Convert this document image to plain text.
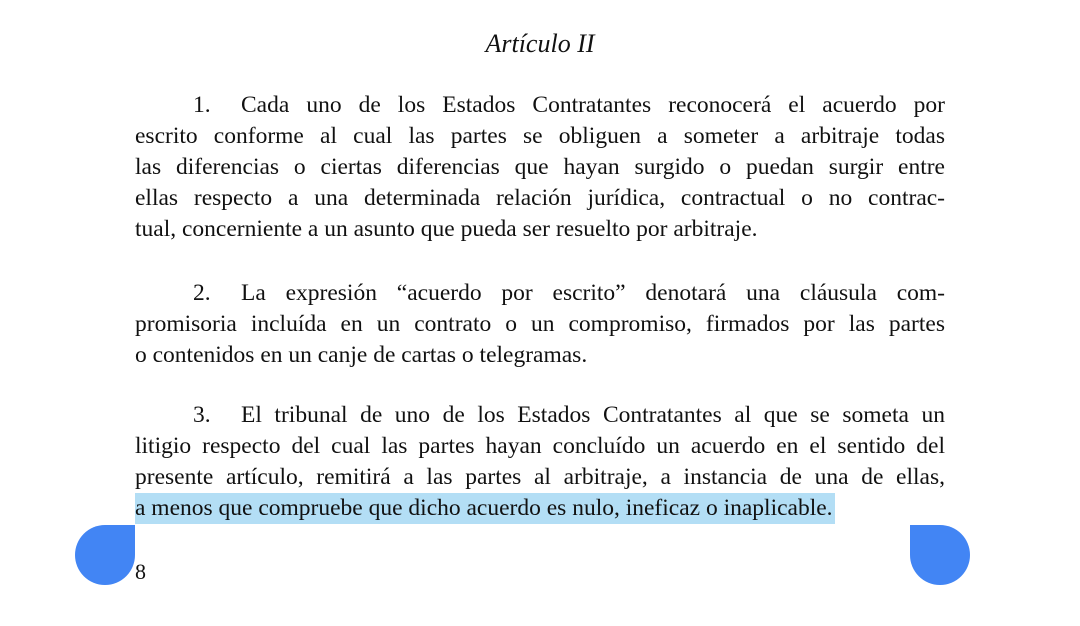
Artículo II
1. Cada uno de los Estados Contratantes reconocerá el acuerdo por
escrito conforme al cual las partes se obliguen a someter a arbitraje todas
las diferencias o ciertas diferencias que hayan surgido o puedan surgir entre
ellas respecto a una determinada relación jurídica, contractual o no contrac-
tual, concerniente a un asunto que pueda ser resuelto por arbitraje.
2. La expresión “acuerdo por escrito” denotará una cláusula com-
promisoria incluída en un contrato o un compromiso, firmados por las partes
o contenidos en un canje de cartas o telegramas.
3. El tribunal de uno de los Estados Contratantes al que se someta un
litigio respecto del cual las partes hayan concluído un acuerdo en el sentido del
presente artículo, remitirá a las partes al arbitraje, a instancia de una de ellas,
a menos que compruebe que dicho acuerdo es nulo, ineficaz o inaplicable.
8
